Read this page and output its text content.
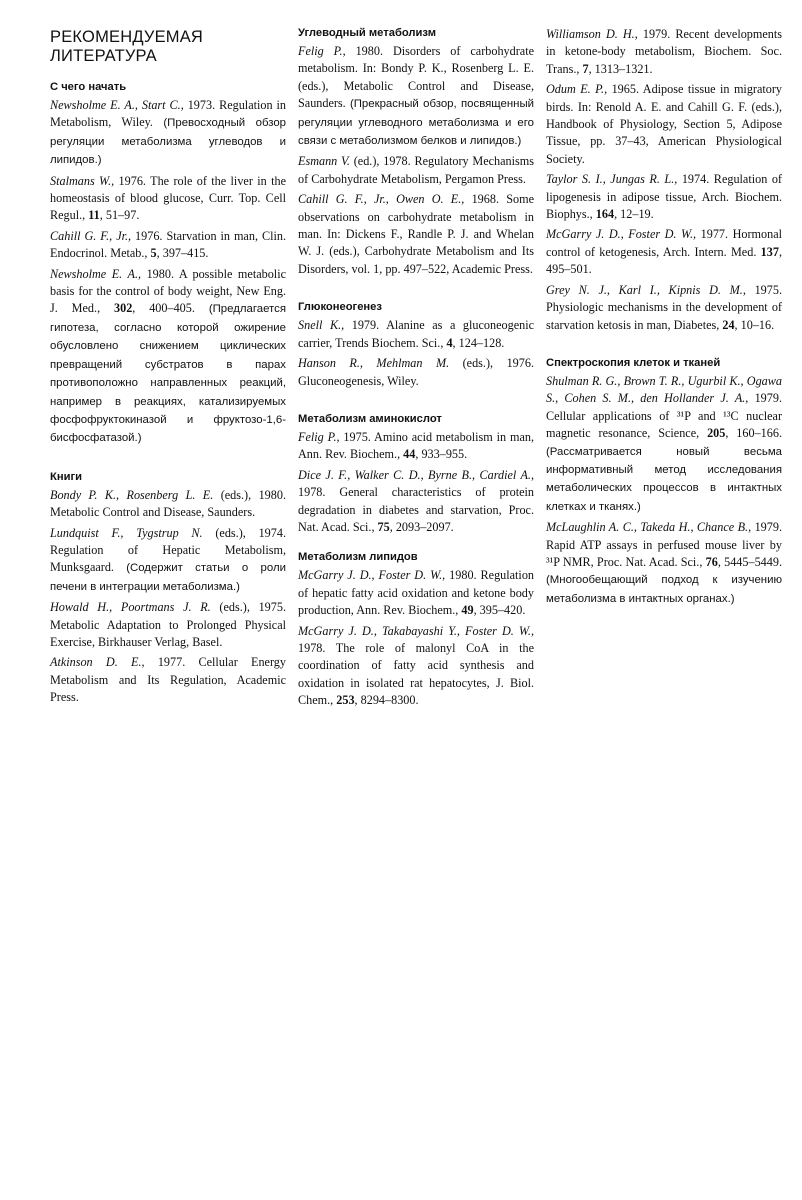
РЕКОМЕНДУЕМАЯ
ЛИТЕРАТУРА
С чего начать

Newsholme E. A., Start C., 1973. Regulation in Metabolism, Wiley. (Превосходный обзор регуляции метаболизма углеводов и липидов.)

Stalmans W., 1976. The role of the liver in the homeostasis of blood glucose, Curr. Top. Cell Regul., 11, 51–97.

Cahill G. F., Jr., 1976. Starvation in man, Clin. Endocrinol. Metab., 5, 397–415.

Newsholme E. A., 1980. A possible metabolic basis for the control of body weight, New Eng. J. Med., 302, 400–405. (Предлагается гипотеза, согласно которой ожирение обусловлено снижением циклических превращений субстратов в парах противоположно направленных реакций, например в реакциях, катализируемых фосфофруктокиназой и фруктозо-1,6-бисфосфатазой.)

Книги

Bondy P. K., Rosenberg L. E. (eds.), 1980. Metabolic Control and Disease, Saunders.

Lundquist F., Tygstrup N. (eds.), 1974. Regulation of Hepatic Metabolism, Munksgaard. (Содержит статьи о роли печени в интеграции метаболизма.)

Howald H., Poortmans J. R. (eds.), 1975. Metabolic Adaptation to Prolonged Physical Exercise, Birkhauser Verlag, Basel.

Atkinson D. E., 1977. Cellular Energy Metabolism and Its Regulation, Academic Press.

Углеводный метаболизм

Felig P., 1980. Disorders of carbohydrate metabolism. In: Bondy P. K., Rosenberg L. E. (eds.), Metabolic Control and Disease, Saunders. (Прекрасный обзор, посвященный регуляции углеводного метаболизма и его связи с метаболизмом белков и липидов.)

Esmann V. (ed.), 1978. Regulatory Mechanisms of Carbohydrate Metabolism, Pergamon Press.

Cahill G. F., Jr., Owen O. E., 1968. Some observations on carbohydrate metabolism in man. In: Dickens F., Randle P. J. and Whelan W. J. (eds.), Carbohydrate Metabolism and Its Disorders, vol. 1, pp. 497–522, Academic Press.

Глюконеогенез

Snell K., 1979. Alanine as a gluconeogenic carrier, Trends Biochem. Sci., 4, 124–128.

Hanson R., Mehlman M. (eds.), 1976. Gluconeogenesis, Wiley.

Метаболизм аминокислот

Felig P., 1975. Amino acid metabolism in man, Ann. Rev. Biochem., 44, 933–955.

Dice J. F., Walker C. D., Byrne B., Cardiel A., 1978. General characteristics of protein degradation in diabetes and starvation, Proc. Nat. Acad. Sci., 75, 2093–2097.

Метаболизм липидов

McGarry J. D., Foster D. W., 1980. Regulation of hepatic fatty acid oxidation and ketone body production, Ann. Rev. Biochem., 49, 395–420.

McGarry J. D., Takabayashi Y., Foster D. W., 1978. The role of malonyl CoA in the coordination of fatty acid synthesis and oxidation in isolated rat hepatocytes, J. Biol. Chem., 253, 8294–8300.

Williamson D. H., 1979. Recent developments in ketone-body metabolism, Biochem. Soc. Trans., 7, 1313–1321.

Odum E. P., 1965. Adipose tissue in migratory birds. In: Renold A. E. and Cahill G. F. (eds.), Handbook of Physiology, Section 5, Adipose Tissue, pp. 37–43, American Physiological Society.

Taylor S. I., Jungas R. L., 1974. Regulation of lipogenesis in adipose tissue, Arch. Biochem. Biophys., 164, 12–19.

McGarry J. D., Foster D. W., 1977. Hormonal control of ketogenesis, Arch. Intern. Med. 137, 495–501.

Grey N. J., Karl I., Kipnis D. M., 1975. Physiologic mechanisms in the development of starvation ketosis in man, Diabetes, 24, 10–16.

Спектроскопия клеток и тканей

Shulman R. G., Brown T. R., Ugurbil K., Ogawa S., Cohen S. M., den Hollander J. A., 1979. Cellular applications of ³¹P and ¹³C nuclear magnetic resonance, Science, 205, 160–166. (Рассматривается новый весьма информативный метод исследования метаболических процессов в интактных клетках и тканях.)

McLaughlin A. C., Takeda H., Chance B., 1979. Rapid ATP assays in perfused mouse liver by ³¹P NMR, Proc. Nat. Acad. Sci., 76, 5445–5449. (Многообещающий подход к изучению метаболизма в интактных органах.)
